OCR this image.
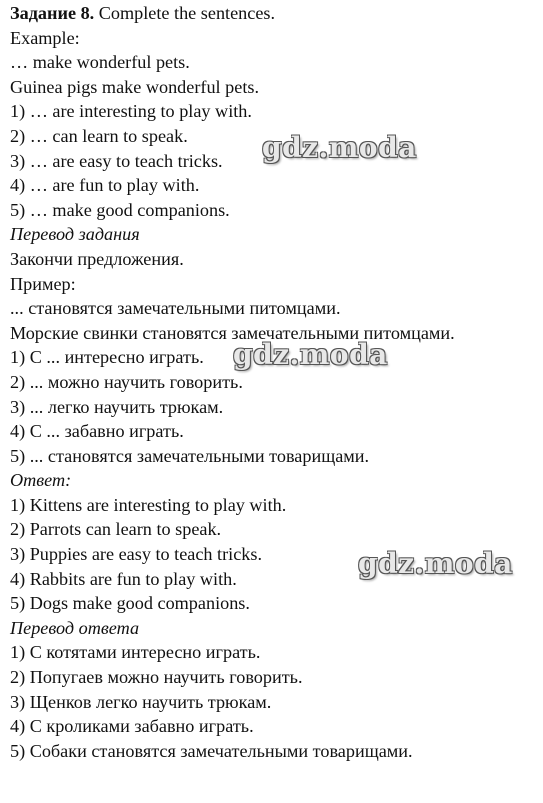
Задание 8. Complete the sentences.
Example:
… make wonderful pets.
Guinea pigs make wonderful pets.
1) … are interesting to play with.
2) … can learn to speak.
3) … are easy to teach tricks.
4) … are fun to play with.
5) … make good companions.
Перевод задания
Закончи предложения.
Пример:
... становятся замечательными питомцами.
Морские свинки становятся замечательными питомцами.
1) С ... интересно играть.
2) ... можно научить говорить.
3) ... легко научить трюкам.
4) С ... забавно играть.
5) ... становятся замечательными товарищами.
Ответ:
1) Kittens are interesting to play with.
2) Parrots can learn to speak.
3) Puppies are easy to teach tricks.
4) Rabbits are fun to play with.
5) Dogs make good companions.
Перевод ответа
1) С котятами интересно играть.
2) Попугаев можно научить говорить.
3) Щенков легко научить трюкам.
4) С кроликами забавно играть.
5) Собаки становятся замечательными товарищами.
gdz.moda
gdz.moda
gdz.moda
